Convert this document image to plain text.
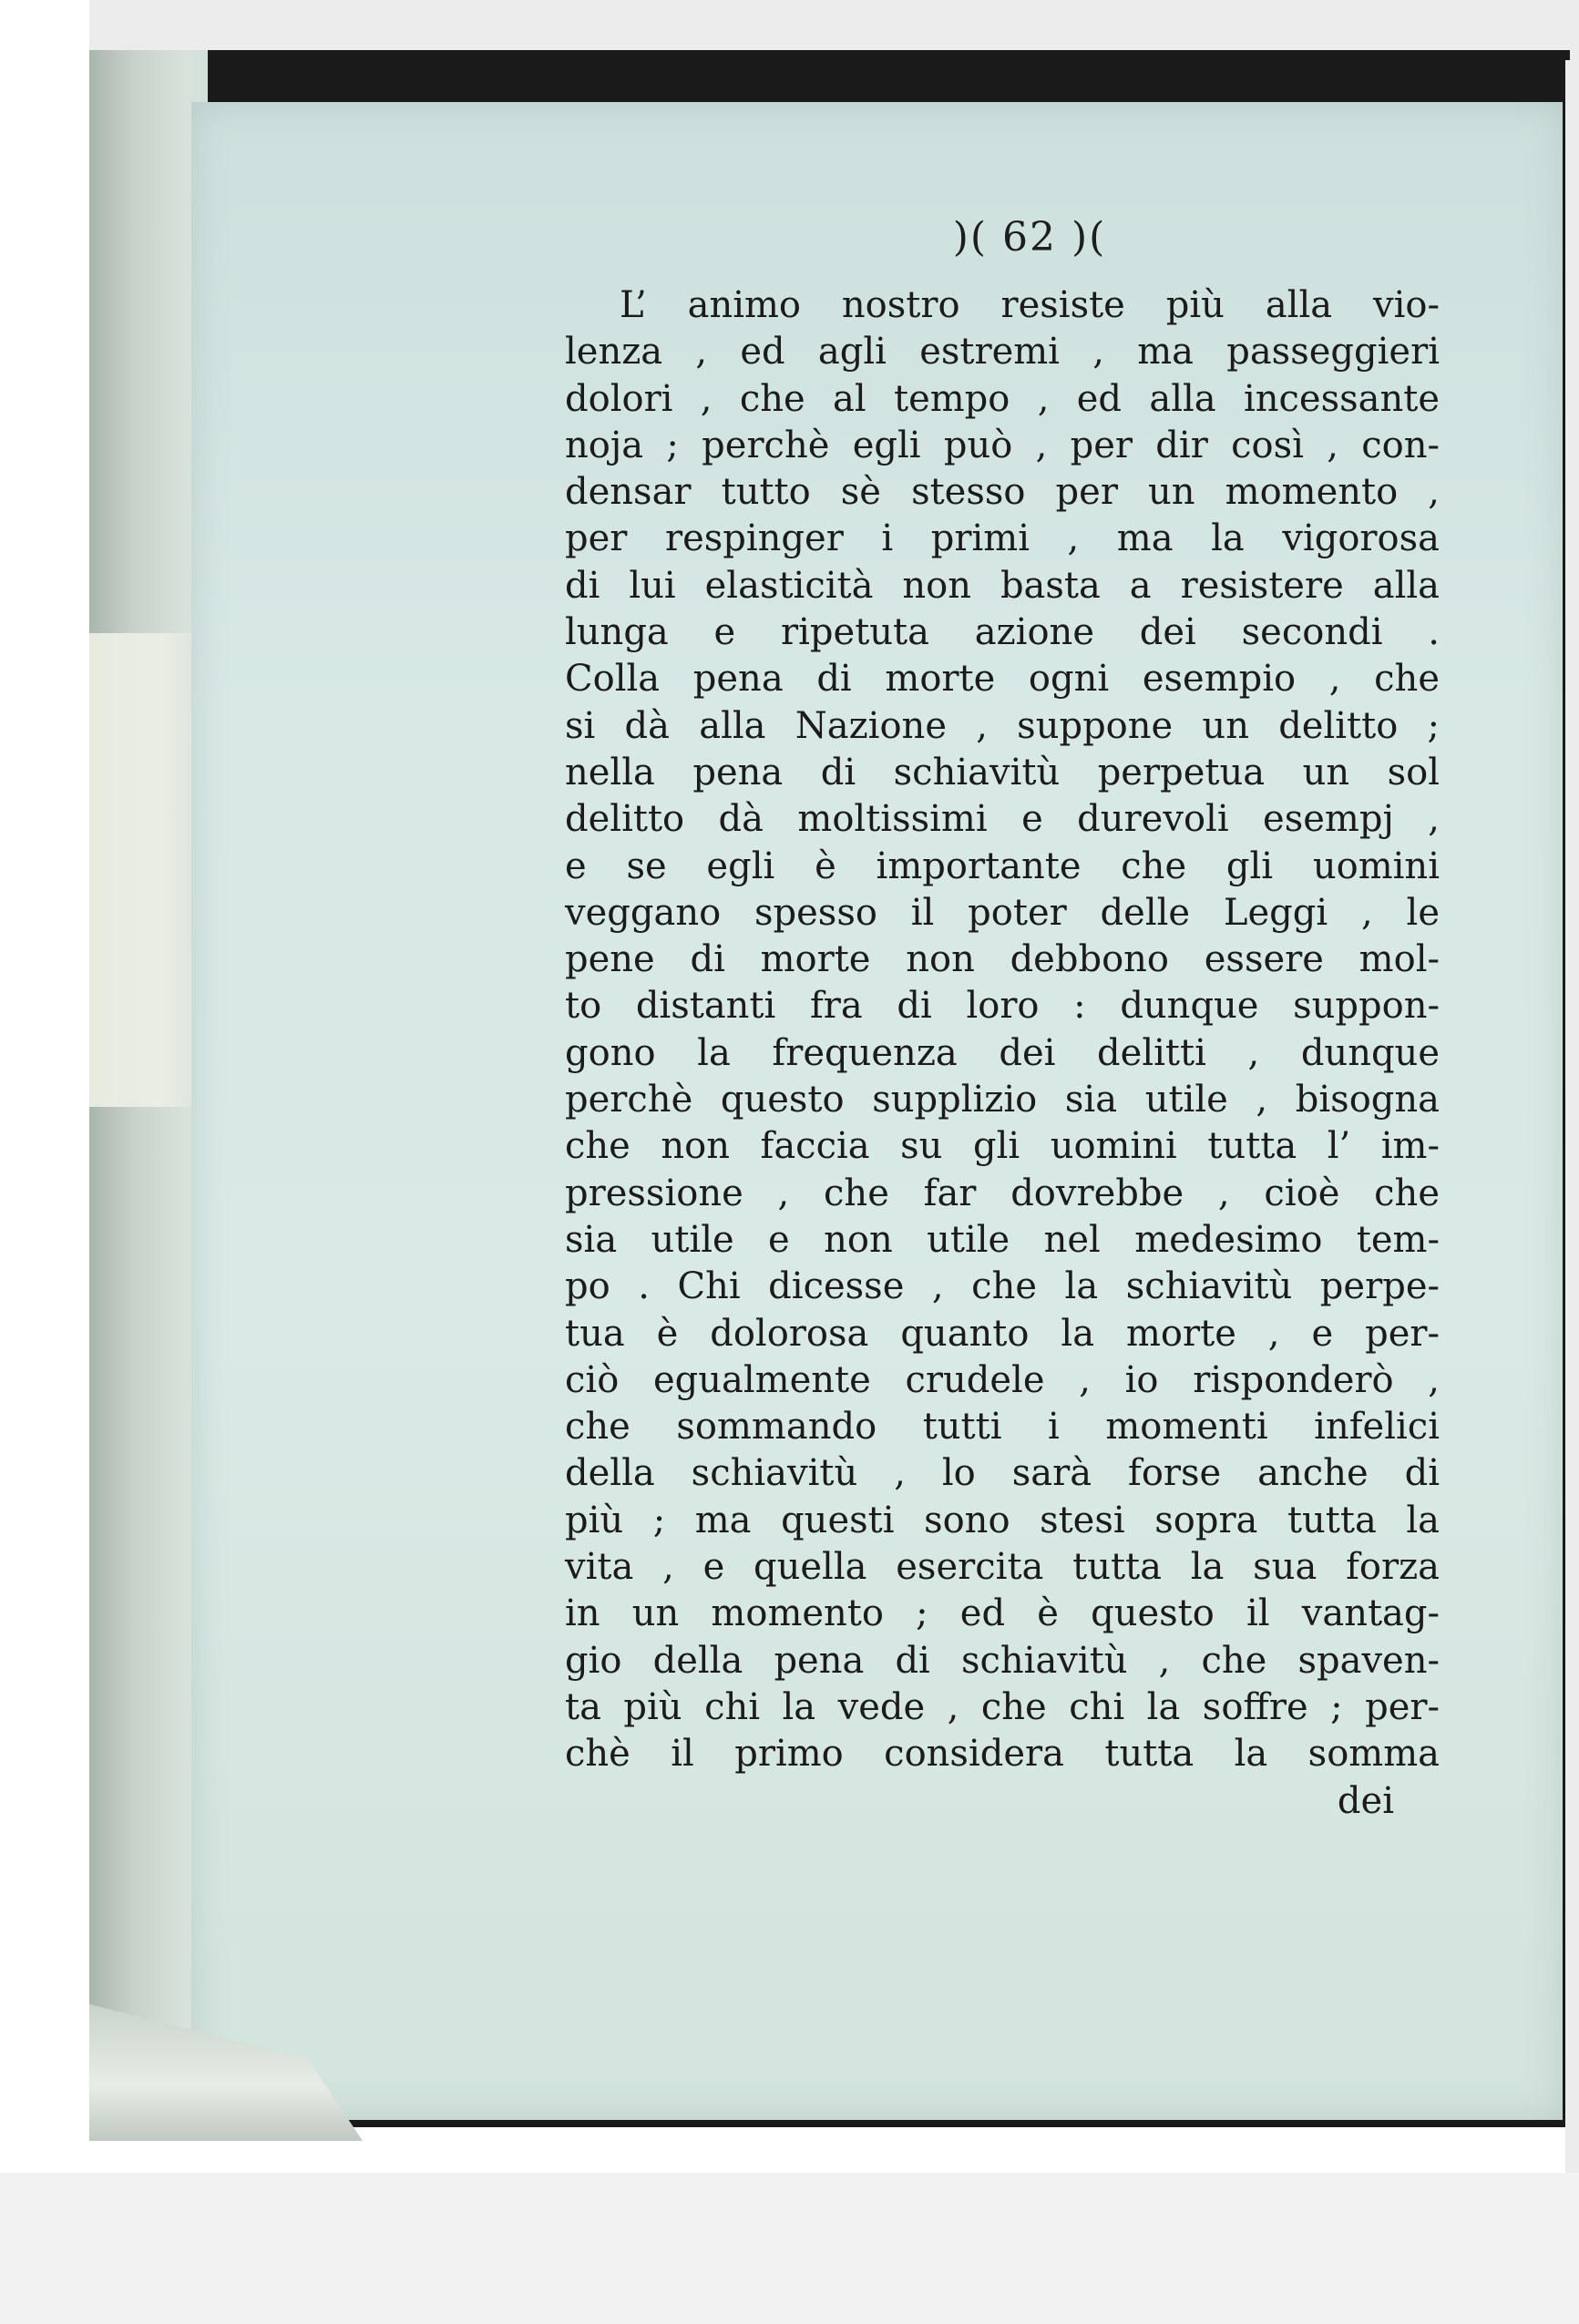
)( 62 )(
L’ animo nostro resiste più alla vio-
lenza , ed agli estremi , ma passeggieri
dolori , che al tempo , ed alla incessante
noja ; perchè egli può , per dir così , con-
densar tutto sè stesso per un momento ,
per respinger i primi , ma la vigorosa
di lui elasticità non basta a resistere alla
lunga e ripetuta azione dei secondi .
Colla pena di morte ogni esempio , che
si dà alla Nazione , suppone un delitto ;
nella pena di schiavitù perpetua un sol
delitto dà moltissimi e durevoli esempj ,
e se egli è importante che gli uomini
veggano spesso il poter delle Leggi , le
pene di morte non debbono essere mol-
to distanti fra di loro : dunque suppon-
gono la frequenza dei delitti , dunque
perchè questo supplizio sia utile , bisogna
che non faccia su gli uomini tutta l’ im-
pressione , che far dovrebbe , cioè che
sia utile e non utile nel medesimo tem-
po . Chi dicesse , che la schiavitù perpe-
tua è dolorosa quanto la morte , e per-
ciò egualmente crudele , io risponderò ,
che sommando tutti i momenti infelici
della schiavitù , lo sarà forse anche di
più ; ma questi sono stesi sopra tutta la
vita , e quella esercita tutta la sua forza
in un momento ; ed è questo il vantag-
gio della pena di schiavitù , che spaven-
ta più chi la vede , che chi la soffre ; per-
chè il primo considera tutta la somma
dei
